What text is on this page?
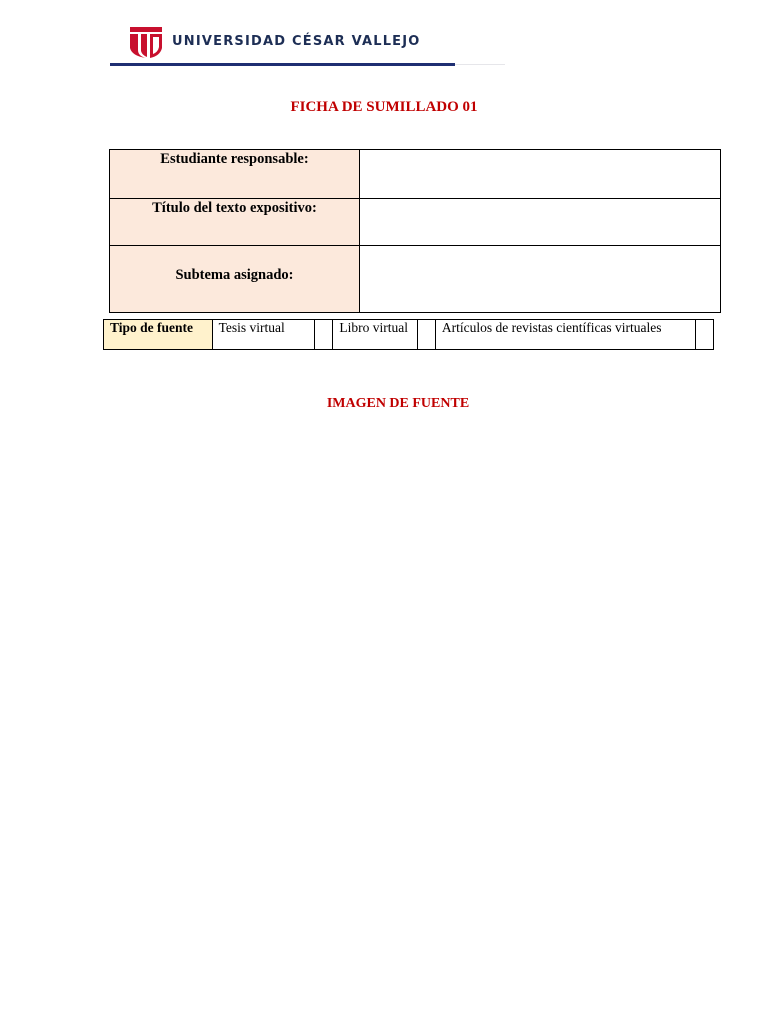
UNIVERSIDAD CÉSAR VALLEJO
FICHA DE SUMILLADO 01
Estudiante responsable:	
Título del texto expositivo:	
Subtema asignado:	
Tipo de fuente	Tesis virtual		Libro virtual		Artículos de revistas científicas virtuales	
IMAGEN DE FUENTE
